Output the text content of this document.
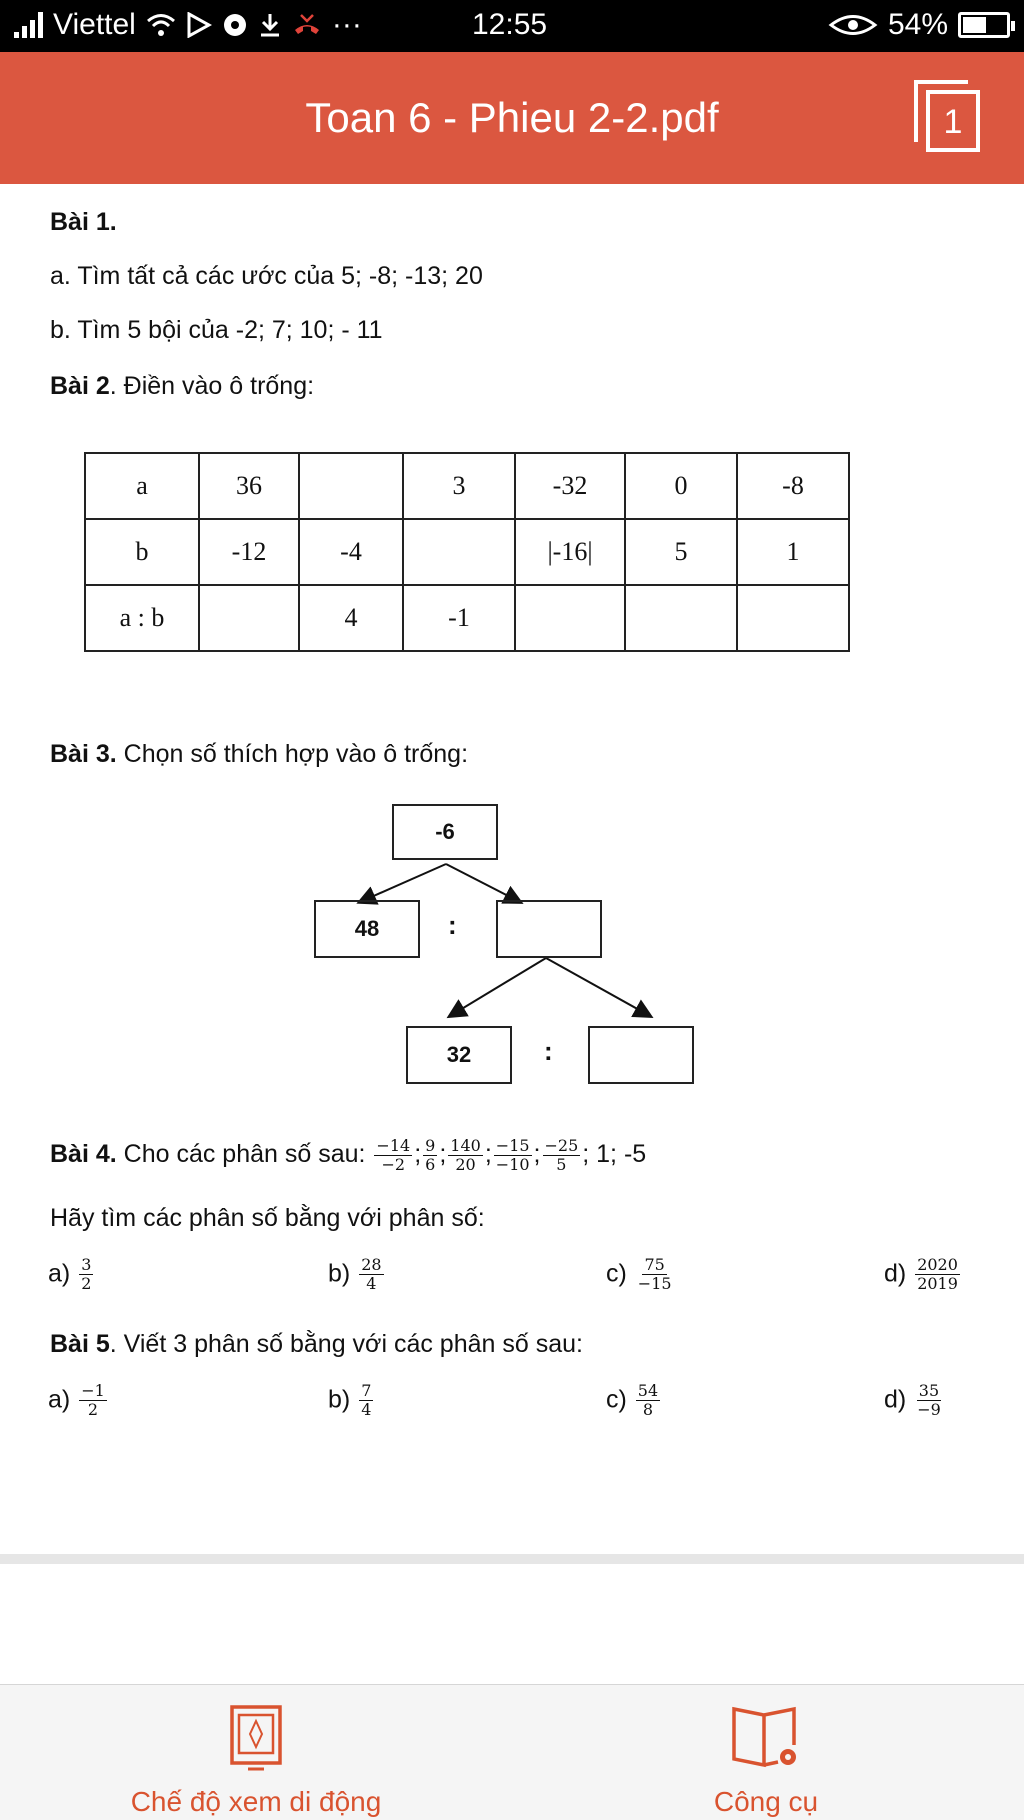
Viettel	···	12:55	54%
Toan 6 - Phieu 2-2.pdf	1
Bài 1.
a. Tìm tất cả các ước của 5; -8; -13; 20
b. Tìm 5 bội của -2; 7; 10; - 11
Bài 2. Điền vào ô trống:
a	36		3	-32	0	-8
b	-12	-4		|-16|	5	1
a : b		4	-1			
Bài 3. Chọn số thích hợp vào ô trống:
-6
48	:
32	:
Bài 4. Cho các phân số sau: $\frac{-14}{-2}$ ; $\frac{9}{6}$ ; $\frac{140}{20}$ ; $\frac{-15}{-10}$ ; $\frac{-25}{5}$ ; 1; -5
Hãy tìm các phân số bằng với phân số:
$a) \frac{3}{2}$	$b) \frac{28}{4}$	$c) \frac{75}{-15}$	$d) \frac{2020}{2019}$
Bài 5. Viết 3 phân số bằng với các phân số sau:
$a) \frac{-1}{2}$	$b) \frac{7}{4}$	$c) \frac{54}{8}$	$d) \frac{35}{-9}$
Chế độ xem di động	Công cụ
